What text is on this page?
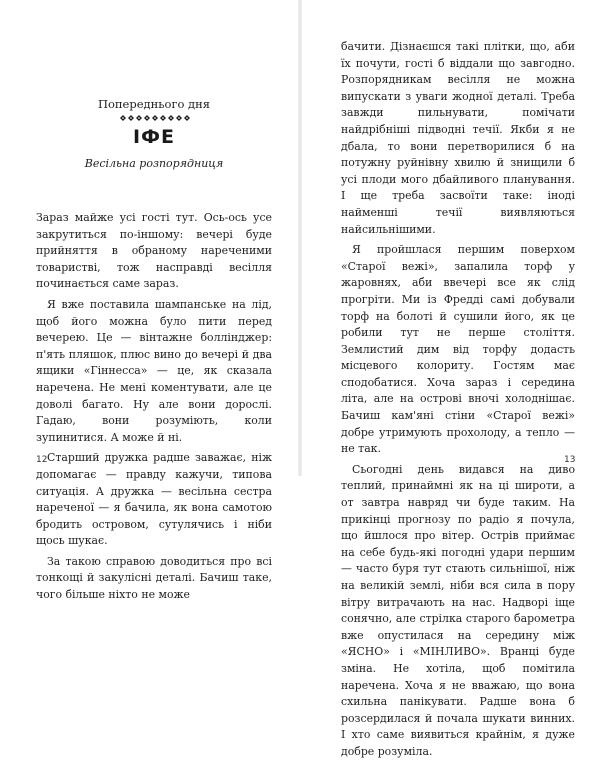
Попереднього дня
ІФЕ
Весільна розпорядниця

Зараз майже усі гості тут. Ось-ось усе закрутиться по-іншому: вечері буде прийняття в обраному нареченими товаристві, тож насправді весілля починається саме зараз.

Я вже поставила шампанське на лід, щоб його можна було пити перед вечерею. Це — вінтажне боллінджер: п'ять пляшок, плюс вино до вечері й два ящики «Гіннесса» — це, як сказала наречена. Не мені коментувати, але це доволі багато. Ну але вони дорослі. Гадаю, вони розуміють, коли зупинитися. А може й ні.

Старший дружка радше заважає, ніж допомагає — правду кажучи, типова ситуація. А дружка — весільна сестра нареченої — я бачила, як вона самотою бродить островом, сутулячись і ніби щось шукає.

За такою справою доводиться про всі тонкощі й закулісні деталі. Бачиш таке, чого більше ніхто не може

12

бачити. Дізнаєшся такі плітки, що, аби їх почути, гості б віддали що завгодно. Розпорядникам весілля не можна випускати з уваги жодної деталі. Треба завжди пильнувати, помічати найдрібніші підводні течії. Якби я не дбала, то вони перетворилися б на потужну руйнівну хвилю й знищили б усі плоди мого дбайливого планування. І ще треба засвоїти таке: іноді найменші течії виявляються найсильнішими.

Я пройшлася першим поверхом «Старої вежі», запалила торф у жаровнях, аби ввечері все як слід прогріти. Ми із Фредді самі добували торф на болоті й сушили його, як це робили тут не перше століття. Землистий дим від торфу додасть місцевого колориту. Гостям має сподобатися. Хоча зараз і середина літа, але на острові вночі холоднішає. Бачиш кам'яні стіни «Старої вежі» добре утримують прохолоду, а тепло — не так.

Сьогодні день видався на диво теплий, принаймні як на ці широти, а от завтра навряд чи буде таким. На прикінці прогнозу по радіо я почула, що йшлося про вітер. Острів приймає на себе будь-які погодні удари першим — часто буря тут стають сильнішої, ніж на великій землі, ніби вся сила в пору вітру витрачають на нас. Надворі іще сонячно, але стрілка старого барометра вже опустилася на середину між «ЯСНО» і «МІНЛИВО». Вранці буде зміна. Не хотіла, щоб помітила наречена. Хоча я не вважаю, що вона схильна панікувати. Радше вона б розсердилася й почала шукати винних. І хто саме виявиться крайнім, я дуже добре розуміла.

13
